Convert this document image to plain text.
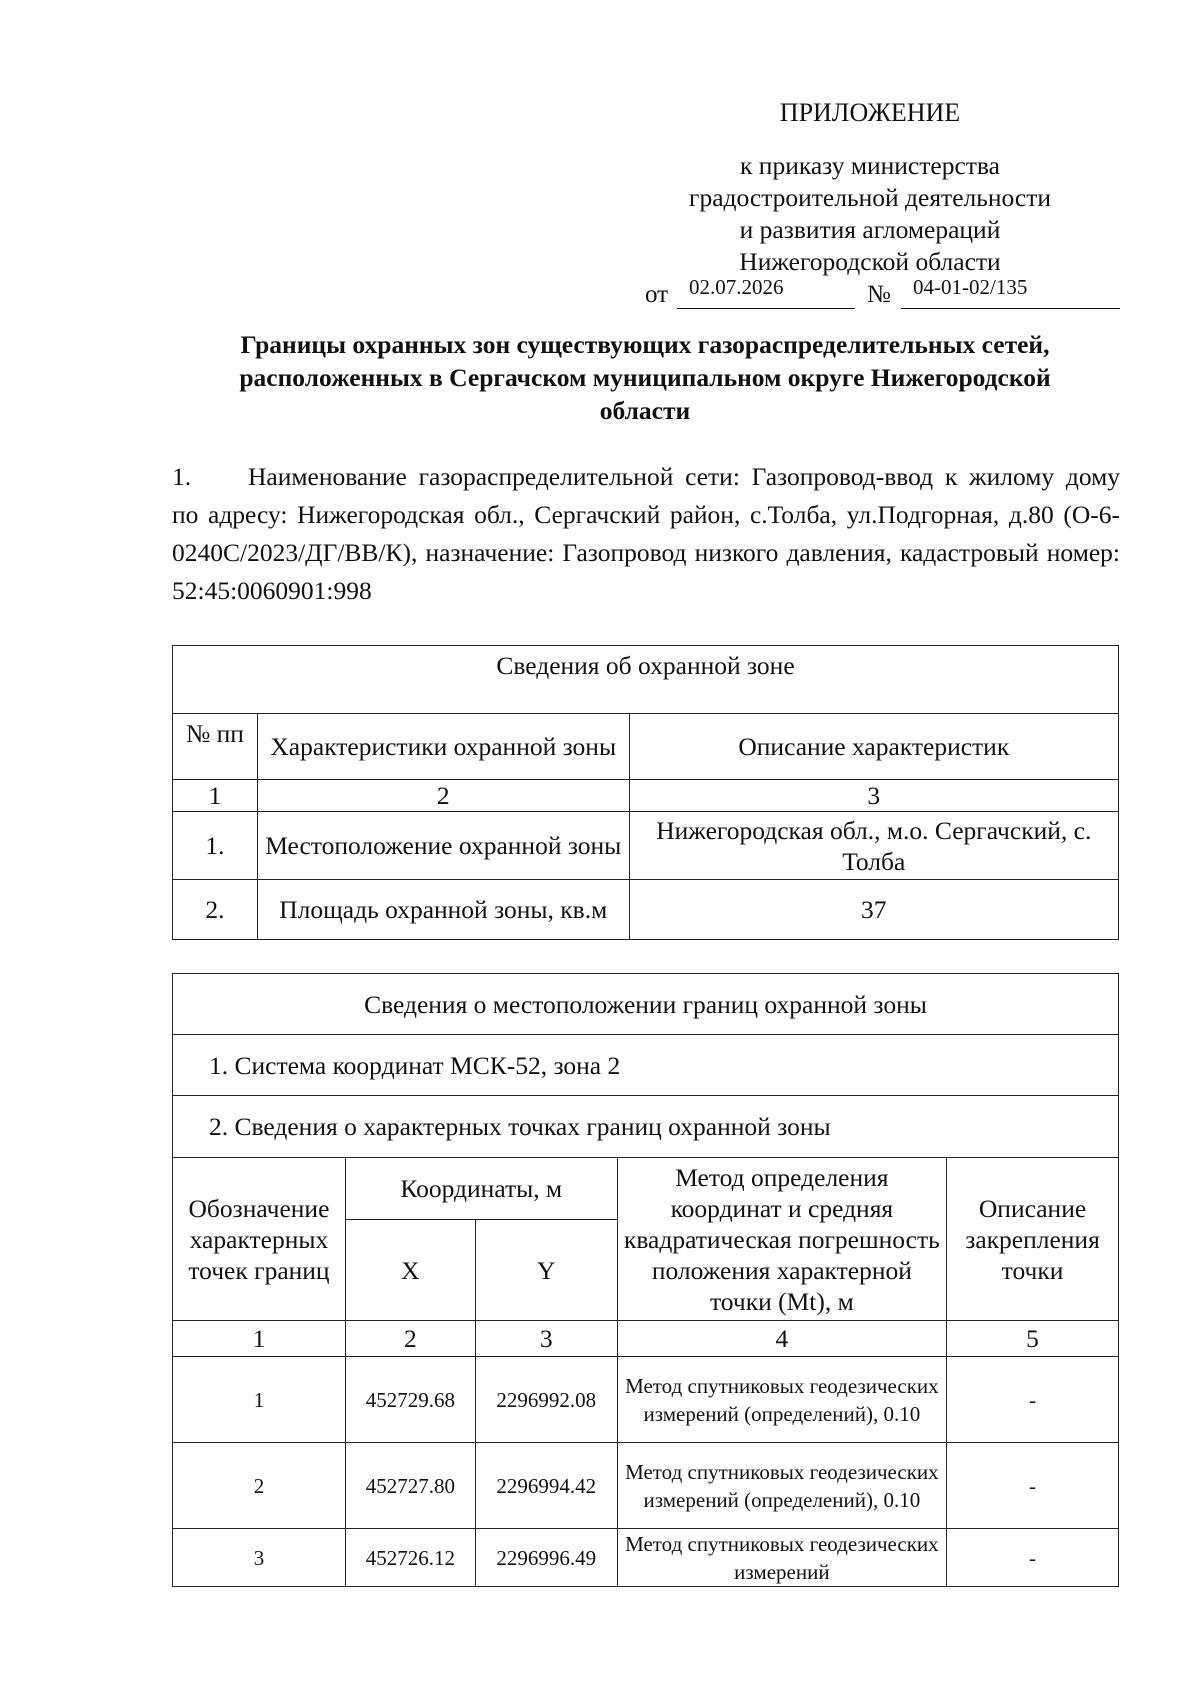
ПРИЛОЖЕНИЕ
к приказу министерства
градостроительной деятельности
и развития агломераций
Нижегородской области
от 02.07.2026	№ 04-01-02/135
Границы охранных зон существующих газораспределительных сетей,
расположенных в Сергачском муниципальном округе Нижегородской
области
1. Наименование газораспределительной сети: Газопровод-ввод к жилому дому по адресу: Нижегородская обл., Сергачский район, с.Толба, ул.Подгорная, д.80 (О-6-0240С/2023/ДГ/ВВ/К), назначение: Газопровод низкого давления, кадастровый номер: 52:45:0060901:998
Сведения об охранной зоне		
№ пп	Характеристики охранной зоны	Описание характеристик
1	2	3
1.	Местоположение охранной зоны	Нижегородская обл., м.о. Сергачский, с. Толба
2.	Площадь охранной зоны, кв.м	37
Сведения о местоположении границ охранной зоны				
1. Система координат МСК-52, зона 2				
2. Сведения о характерных точках границ охранной зоны				
Обозначение характерных точек границ	Координаты, м		Метод определения координат и средняя квадратическая погрешность положения характерной точки (Mt), м	Описание закрепления точки
	X	Y		
1	2	3	4	5
1	452729.68	2296992.08	Метод спутниковых геодезических измерений (определений), 0.10	-
2	452727.80	2296994.42	Метод спутниковых геодезических измерений (определений), 0.10	-
3	452726.12	2296996.49	Метод спутниковых геодезических измерений	-
